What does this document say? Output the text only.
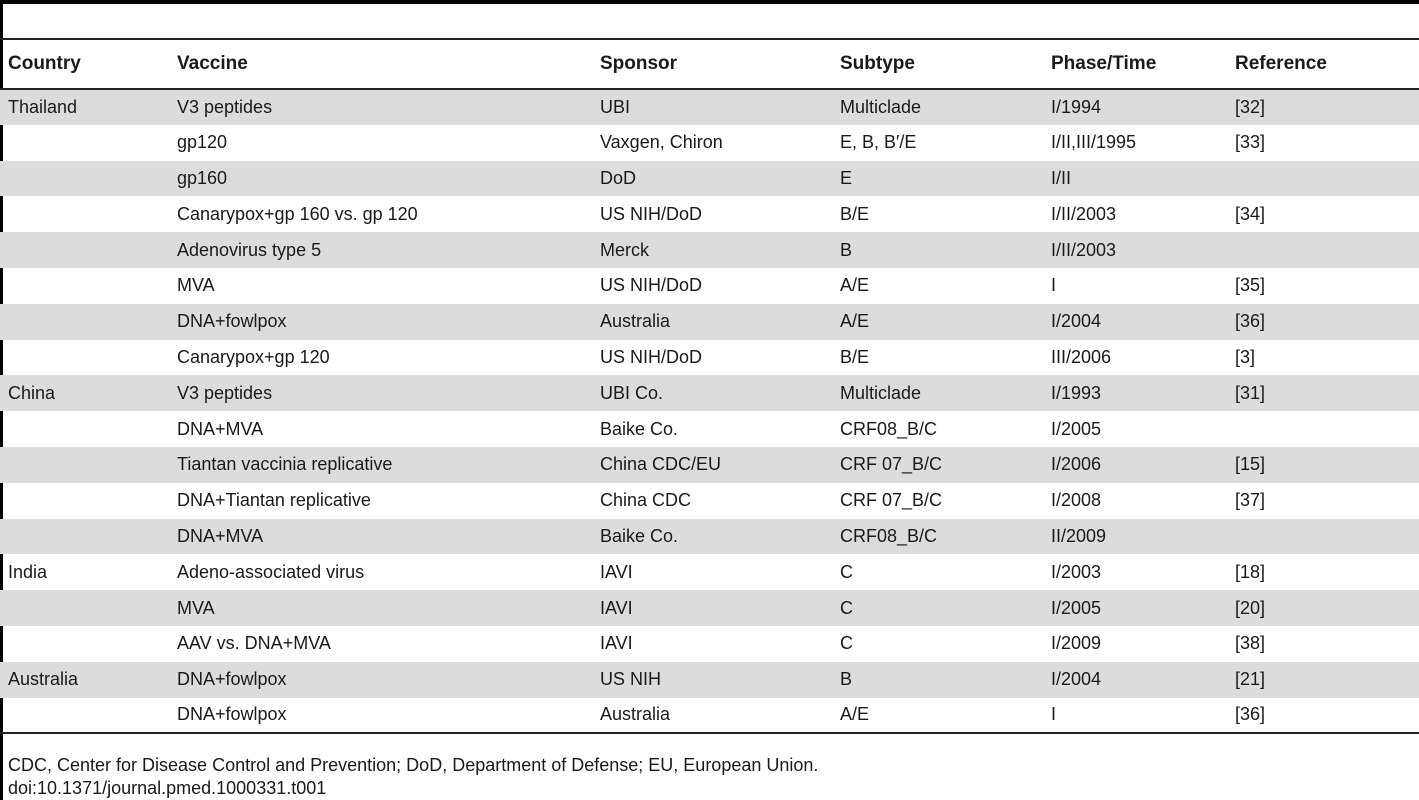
Country	Vaccine	Sponsor	Subtype	Phase/Time	Reference
Thailand	V3 peptides	UBI	Multiclade	I/1994	[32]
	gp120	Vaxgen, Chiron	E, B, B′/E	I/II,III/1995	[33]
	gp160	DoD	E	I/II	
	Canarypox+gp 160 vs. gp 120	US NIH/DoD	B/E	I/II/2003	[34]
	Adenovirus type 5	Merck	B	I/II/2003	
	MVA	US NIH/DoD	A/E	I	[35]
	DNA+fowlpox	Australia	A/E	I/2004	[36]
	Canarypox+gp 120	US NIH/DoD	B/E	III/2006	[3]
China	V3 peptides	UBI Co.	Multiclade	I/1993	[31]
	DNA+MVA	Baike Co.	CRF08_B/C	I/2005	
	Tiantan vaccinia replicative	China CDC/EU	CRF 07_B/C	I/2006	[15]
	DNA+Tiantan replicative	China CDC	CRF 07_B/C	I/2008	[37]
	DNA+MVA	Baike Co.	CRF08_B/C	II/2009	
India	Adeno-associated virus	IAVI	C	I/2003	[18]
	MVA	IAVI	C	I/2005	[20]
	AAV vs. DNA+MVA	IAVI	C	I/2009	[38]
Australia	DNA+fowlpox	US NIH	B	I/2004	[21]
	DNA+fowlpox	Australia	A/E	I	[36]
CDC, Center for Disease Control and Prevention; DoD, Department of Defense; EU, European Union.
doi:10.1371/journal.pmed.1000331.t001
